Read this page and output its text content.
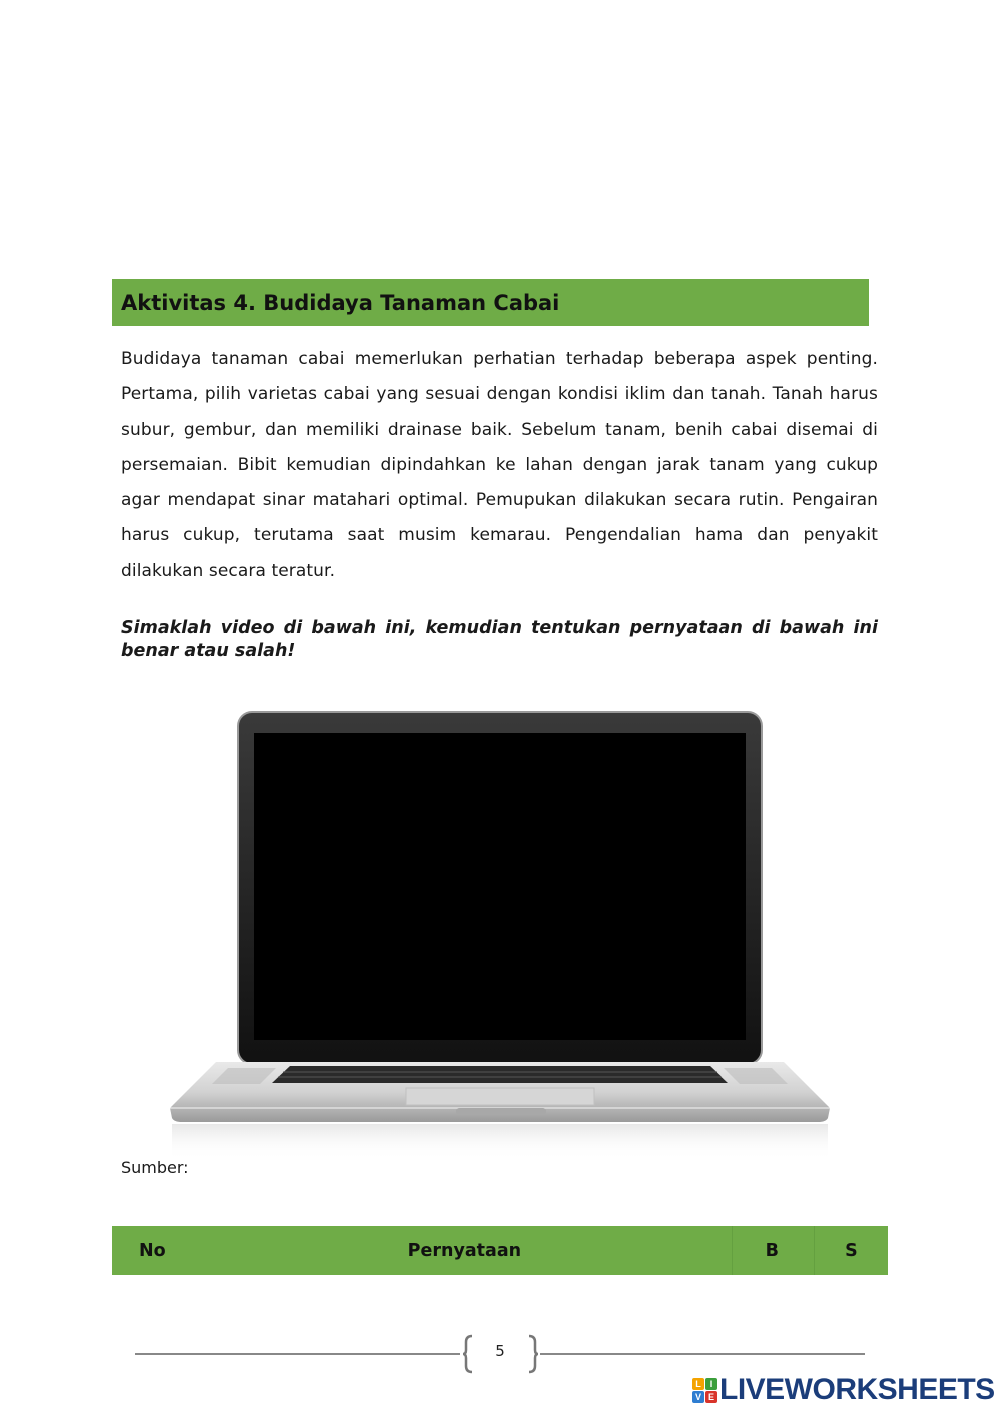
Aktivitas 4. Budidaya Tanaman Cabai

Budidaya tanaman cabai memerlukan perhatian terhadap beberapa aspek penting. Pertama, pilih varietas cabai yang sesuai dengan kondisi iklim dan tanah. Tanah harus subur, gembur, dan memiliki drainase baik. Sebelum tanam, benih cabai disemai di persemaian. Bibit kemudian dipindahkan ke lahan dengan jarak tanam yang cukup agar mendapat sinar matahari optimal. Pemupukan dilakukan secara rutin. Pengairan harus cukup, terutama saat musim kemarau. Pengendalian hama dan penyakit dilakukan secara teratur.

Simaklah video di bawah ini, kemudian tentukan pernyataan di bawah ini benar atau salah!

Sumber:
No	Pernyataan	B	S
5
L I
V E LIVEWORKSHEETS
